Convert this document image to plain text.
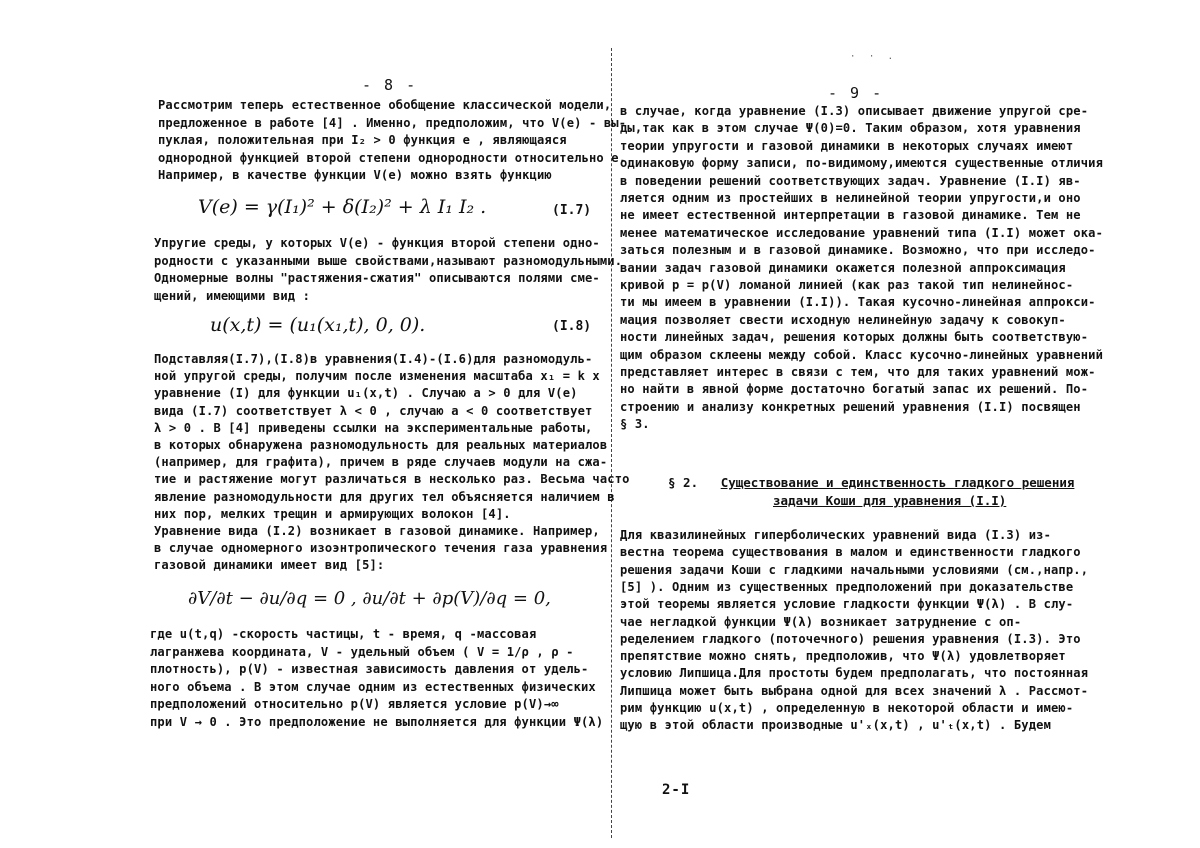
· · .
- 8 -
Рассмотрим теперь естественное обобщение классической модели,
предложенное в работе [4] . Именно, предположим, что V(e) - вы-
пуклая, положительная при I₂ > 0 функция e , являющаяся
однородной функцией второй степени однородности относительно e.
Например, в качестве функции V(e) можно взять функцию
V(e) = γ(I₁)² + δ(I₂)² + λ I₁ I₂ .	(I.7)
Упругие среды, у которых V(e) - функция второй степени одно-
родности с указанными выше свойствами,называют разномодульными.
Одномерные волны "растяжения-сжатия" описываются полями сме-
щений, имеющими вид :
u(x,t) = (u₁(x₁,t), 0, 0).	(I.8)
Подставляя(I.7),(I.8)в уравнения(I.4)-(I.6)для разномодуль-
ной упругой среды, получим после изменения масштаба x₁ = k x
уравнение (I) для функции u₁(x,t) . Случаю a > 0 для V(e)
вида (I.7) соответствует λ < 0 , случаю a < 0 соответствует
λ > 0 . В [4] приведены ссылки на экспериментальные работы,
в которых обнаружена разномодульность для реальных материалов
(например, для графита), причем в ряде случаев модули на сжа-
тие и растяжение могут различаться в несколько раз. Весьма часто
явление разномодульности для других тел объясняется наличием в
них пор, мелких трещин и армирующих волокон [4].
Уравнение вида (I.2) возникает в газовой динамике. Например,
в случае одномерного изоэнтропического течения газа уравнения
газовой динамики имеет вид [5]:
∂V/∂t − ∂u/∂q = 0 , ∂u/∂t + ∂p(V)/∂q = 0,
где u(t,q) -скорость частицы, t - время, q -массовая
лагранжева координата, V - удельный объем ( V = 1/ρ , ρ -
плотность), p(V) - известная зависимость давления от удель-
ного объема . В этом случае одним из естественных физических
предположений относительно p(V) является условие p(V)→∞
при V → 0 . Это предположение не выполняется для функции Ψ(λ)
- 9 -
в случае, когда уравнение (I.3) описывает движение упругой сре-
ды,так как в этом случае Ψ(0)=0. Таким образом, хотя уравнения
теории упругости и газовой динамики в некоторых случаях имеют
одинаковую форму записи, по-видимому,имеются существенные отличия
в поведении решений соответствующих задач. Уравнение (I.I) яв-
ляется одним из простейших в нелинейной теории упругости,и оно
не имеет естественной интерпретации в газовой динамике. Тем не
менее математическое исследование уравнений типа (I.I) может ока-
заться полезным и в газовой динамике. Возможно, что при исследо-
вании задач газовой динамики окажется полезной аппроксимация
кривой p = p(V) ломаной линией (как раз такой тип нелинейнос-
ти мы имеем в уравнении (I.I)). Такая кусочно-линейная аппрокси-
мация позволяет свести исходную нелинейную задачу к совокуп-
ности линейных задач, решения которых должны быть соответствую-
щим образом склеены между собой. Класс кусочно-линейных уравнений
представляет интерес в связи с тем, что для таких уравнений мож-
но найти в явной форме достаточно богатый запас их решений. По-
строению и анализу конкретных решений уравнения (I.I) посвящен
§ 3.
§ 2. Существование и единственность гладкого решения
задачи Коши для уравнения (I.I)
Для квазилинейных гиперболических уравнений вида (I.3) из-
вестна теорема существования в малом и единственности гладкого
решения задачи Коши с гладкими начальными условиями (см.,напр.,
[5] ). Одним из существенных предположений при доказательстве
этой теоремы является условие гладкости функции Ψ(λ) . В слу-
чае негладкой функции Ψ(λ) возникает затруднение с оп-
ределением гладкого (поточечного) решения уравнения (I.3). Это
препятствие можно снять, предположив, что Ψ(λ) удовлетворяет
условию Липшица.Для простоты будем предполагать, что постоянная
Липшица может быть выбрана одной для всех значений λ . Рассмот-
рим функцию u(x,t) , определенную в некоторой области и имею-
щую в этой области производные u'ₓ(x,t) , u'ₜ(x,t) . Будем
2-I
